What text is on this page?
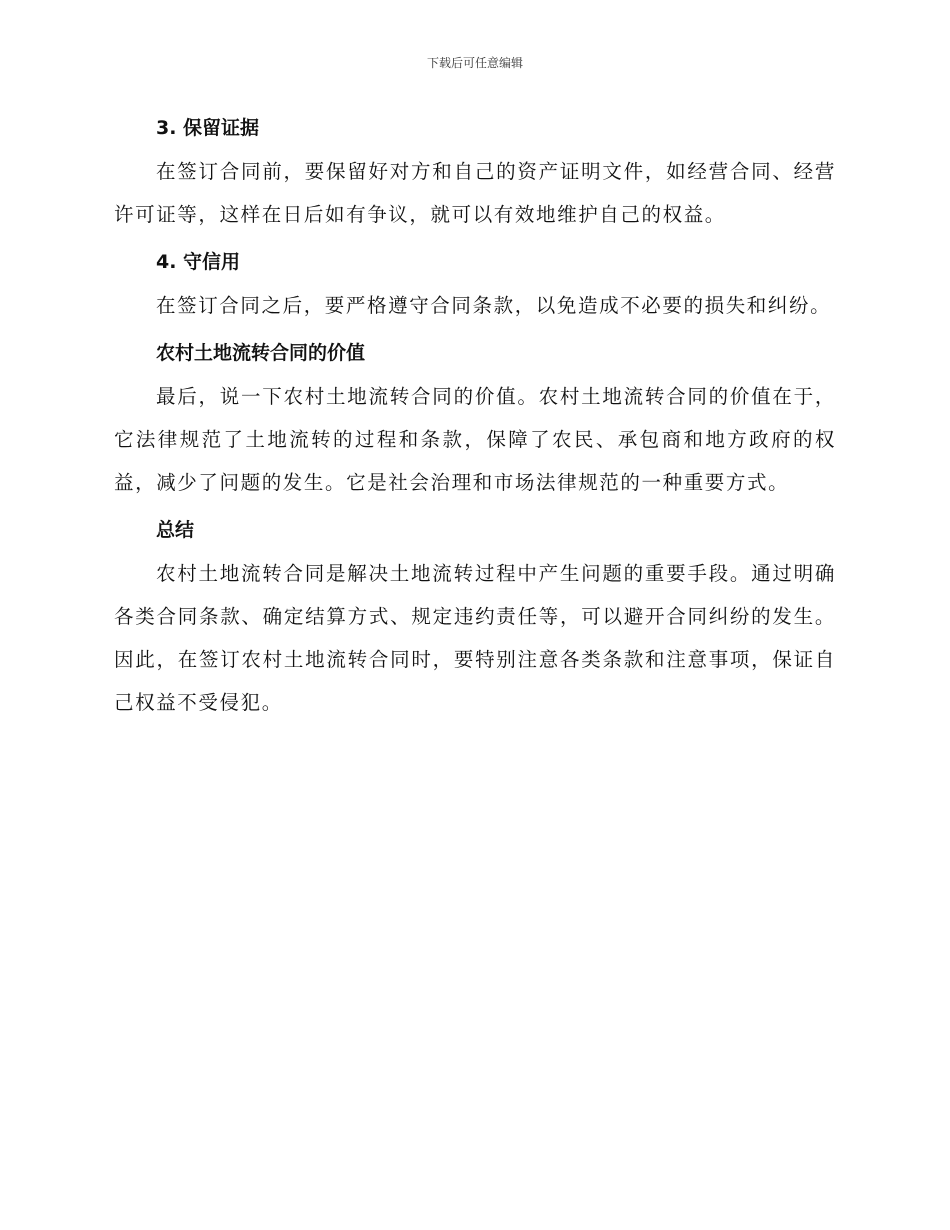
下载后可任意编辑
3. 保留证据

在签订合同前，要保留好对方和自己的资产证明文件，如经营合同、经营许可证等，这样在日后如有争议，就可以有效地维护自己的权益。

4. 守信用

在签订合同之后，要严格遵守合同条款，以免造成不必要的损失和纠纷。

农村土地流转合同的价值

最后，说一下农村土地流转合同的价值。农村土地流转合同的价值在于，它法律规范了土地流转的过程和条款，保障了农民、承包商和地方政府的权益，减少了问题的发生。它是社会治理和市场法律规范的一种重要方式。

总结

农村土地流转合同是解决土地流转过程中产生问题的重要手段。通过明确各类合同条款、确定结算方式、规定违约责任等，可以避开合同纠纷的发生。因此，在签订农村土地流转合同时，要特别注意各类条款和注意事项，保证自己权益不受侵犯。
